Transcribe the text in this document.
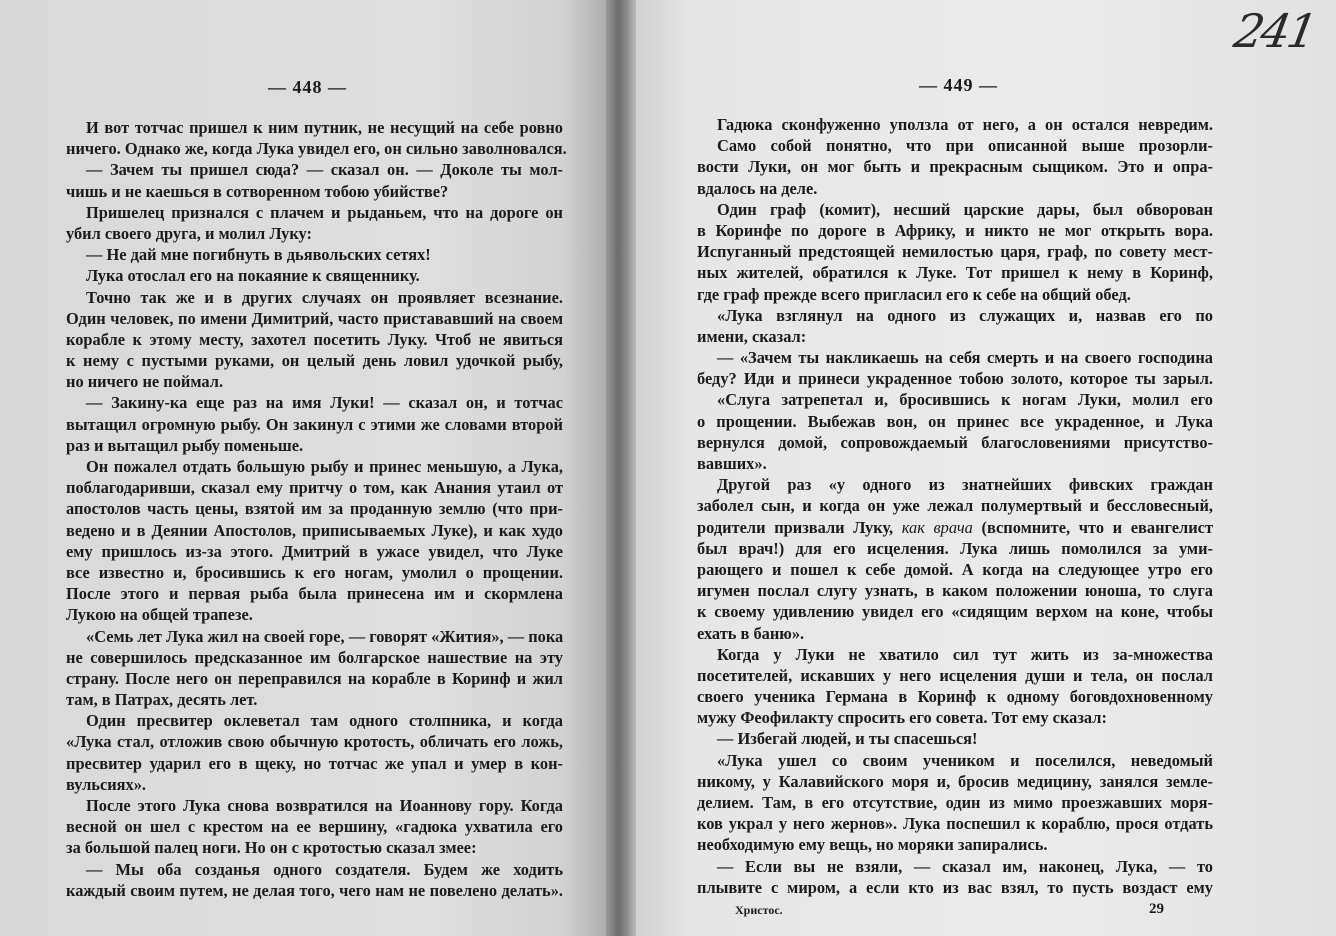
— 448 —
И вот тотчас пришел к ним путник, не несущий на себе ровно
ничего. Однако же, когда Лука увидел его, он сильно заволновался.
— Зачем ты пришел сюда? — сказал он. — Доколе ты мол-
чишь и не каешься в сотворенном тобою убийстве?
Пришелец признался с плачем и рыданьем, что на дороге он
убил своего друга, и молил Луку:
— Не дай мне погибнуть в дьявольских сетях!
Лука отослал его на покаяние к священнику.
Точно так же и в других случаях он проявляет всезнание.
Один человек, по имени Димитрий, часто пристававший на своем
корабле к этому месту, захотел посетить Луку. Чтоб не явиться
к нему с пустыми руками, он целый день ловил удочкой рыбу,
но ничего не поймал.
— Закину-ка еще раз на имя Луки! — сказал он, и тотчас
вытащил огромную рыбу. Он закинул с этими же словами второй
раз и вытащил рыбу поменьше.
Он пожалел отдать большую рыбу и принес меньшую, а Лука,
поблагодаривши, сказал ему притчу о том, как Анания утаил от
апостолов часть цены, взятой им за проданную землю (что при-
ведено и в Деянии Апостолов, приписываемых Луке), и как худо
ему пришлось из-за этого. Дмитрий в ужасе увидел, что Луке
все известно и, бросившись к его ногам, умолил о прощении.
После этого и первая рыба была принесена им и скормлена
Лукою на общей трапезе.
«Семь лет Лука жил на своей горе, — говорят «Жития», — пока
не совершилось предсказанное им болгарское нашествие на эту
страну. После него он переправился на корабле в Коринф и жил
там, в Патрах, десять лет.
Один пресвитер оклеветал там одного столпника, и когда
«Лука стал, отложив свою обычную кротость, обличать его ложь,
пресвитер ударил его в щеку, но тотчас же упал и умер в кон-
вульсиях».
После этого Лука снова возвратился на Иоаннову гору. Когда
весной он шел с крестом на ее вершину, «гадюка ухватила его
за большой палец ноги. Но он с кротостью сказал змее:
— Мы оба созданья одного создателя. Будем же ходить
каждый своим путем, не делая того, чего нам не повелено делать».
— 449 —
241
Гадюка сконфуженно уползла от него, а он остался невредим.
Само собой понятно, что при описанной выше прозорли-
вости Луки, он мог быть и прекрасным сыщиком. Это и опра-
вдалось на деле.
Один граф (комит), несший царские дары, был обворован
в Коринфе по дороге в Африку, и никто не мог открыть вора.
Испуганный предстоящей немилостью царя, граф, по совету мест-
ных жителей, обратился к Луке. Тот пришел к нему в Коринф,
где граф прежде всего пригласил его к себе на общий обед.
«Лука взглянул на одного из служащих и, назвав его по
имени, сказал:
— «Зачем ты накликаешь на себя смерть и на своего господина
беду? Иди и принеси украденное тобою золото, которое ты зарыл.
«Слуга затрепетал и, бросившись к ногам Луки, молил его
о прощении. Выбежав вон, он принес все украденное, и Лука
вернулся домой, сопровождаемый благословениями присутство-
вавших».
Другой раз «у одного из знатнейших фивских граждан
заболел сын, и когда он уже лежал полумертвый и бессловесный,
родители призвали Луку, как врача (вспомните, что и евангелист
был врач!) для его исцеления. Лука лишь помолился за уми-
рающего и пошел к себе домой. А когда на следующее утро его
игумен послал слугу узнать, в каком положении юноша, то слуга
к своему удивлению увидел его «сидящим верхом на коне, чтобы
ехать в баню».
Когда у Луки не хватило сил тут жить из за-множества
посетителей, искавших у него исцеления души и тела, он послал
своего ученика Германа в Коринф к одному боговдохновенному
мужу Феофилакту спросить его совета. Тот ему сказал:
— Избегай людей, и ты спасешься!
«Лука ушел со своим учеником и поселился, неведомый
никому, у Калавийского моря и, бросив медицину, занялся земле-
делием. Там, в его отсутствие, один из мимо проезжавших моря-
ков украл у него жернов». Лука поспешил к кораблю, прося отдать
необходимую ему вещь, но моряки запирались.
— Если вы не взяли, — сказал им, наконец, Лука, — то
плывите с миром, а если кто из вас взял, то пусть воздаст ему
Христос.	29
